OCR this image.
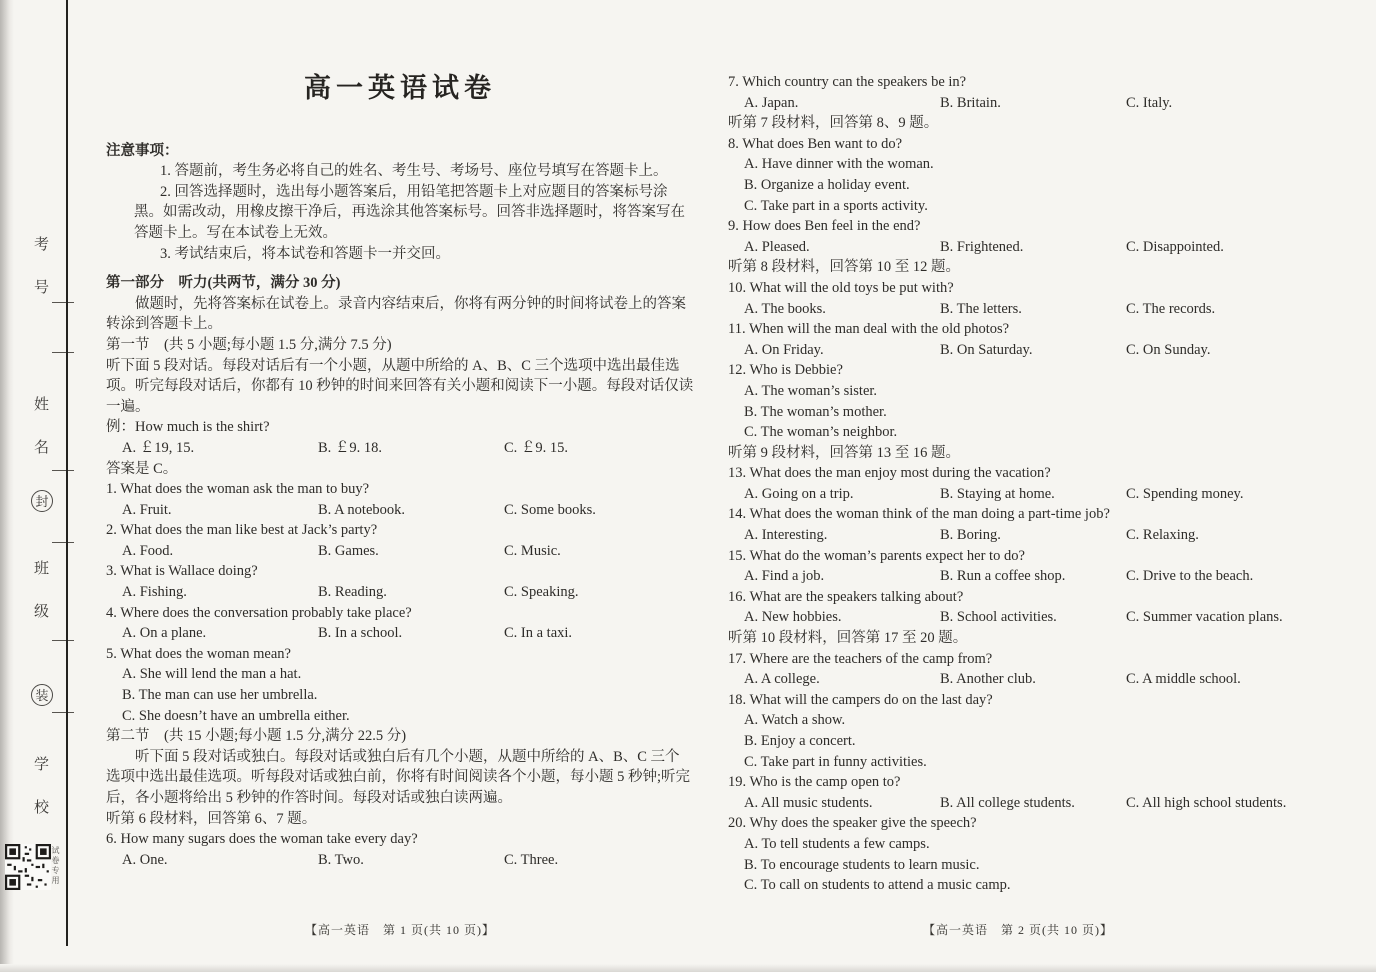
考 号
姓 名
班 级
学 校
封
装
试卷专用
高一英语试卷
注意事项：
1. 答题前，考生务必将自己的姓名、考生号、考场号、座位号填写在答题卡上。
2. 回答选择题时，选出每小题答案后，用铅笔把答题卡上对应题目的答案标号涂黑。如需改动，用橡皮擦干净后，再选涂其他答案标号。回答非选择题时，将答案写在答题卡上。写在本试卷上无效。
3. 考试结束后，将本试卷和答题卡一并交回。
第一部分　听力(共两节，满分 30 分)
做题时，先将答案标在试卷上。录音内容结束后，你将有两分钟的时间将试卷上的答案转涂到答题卡上。
第一节　(共 5 小题;每小题 1.5 分,满分 7.5 分)
听下面 5 段对话。每段对话后有一个小题，从题中所给的 A、B、C 三个选项中选出最佳选项。听完每段对话后，你都有 10 秒钟的时间来回答有关小题和阅读下一小题。每段对话仅读一遍。
例：How much is the shirt?
A. ￡19, 15.	B. ￡9. 18.	C. ￡9. 15.
答案是 C。
1. What does the woman ask the man to buy?
A. Fruit.	B. A notebook.	C. Some books.
2. What does the man like best at Jack’s party?
A. Food.	B. Games.	C. Music.
3. What is Wallace doing?
A. Fishing.	B. Reading.	C. Speaking.
4. Where does the conversation probably take place?
A. On a plane.	B. In a school.	C. In a taxi.
5. What does the woman mean?
A. She will lend the man a hat.
B. The man can use her umbrella.
C. She doesn’t have an umbrella either.
第二节　(共 15 小题;每小题 1.5 分,满分 22.5 分)
听下面 5 段对话或独白。每段对话或独白后有几个小题，从题中所给的 A、B、C 三个选项中选出最佳选项。听每段对话或独白前，你将有时间阅读各个小题，每小题 5 秒钟;听完后，各小题将给出 5 秒钟的作答时间。每段对话或独白读两遍。
听第 6 段材料，回答第 6、7 题。
6. How many sugars does the woman take every day?
A. One.	B. Two.	C. Three.
7. Which country can the speakers be in?
A. Japan.	B. Britain.	C. Italy.
听第 7 段材料，回答第 8、9 题。
8. What does Ben want to do?
A. Have dinner with the woman.
B. Organize a holiday event.
C. Take part in a sports activity.
9. How does Ben feel in the end?
A. Pleased.	B. Frightened.	C. Disappointed.
听第 8 段材料，回答第 10 至 12 题。
10. What will the old toys be put with?
A. The books.	B. The letters.	C. The records.
11. When will the man deal with the old photos?
A. On Friday.	B. On Saturday.	C. On Sunday.
12. Who is Debbie?
A. The woman’s sister.
B. The woman’s mother.
C. The woman’s neighbor.
听第 9 段材料，回答第 13 至 16 题。
13. What does the man enjoy most during the vacation?
A. Going on a trip.	B. Staying at home.	C. Spending money.
14. What does the woman think of the man doing a part-time job?
A. Interesting.	B. Boring.	C. Relaxing.
15. What do the woman’s parents expect her to do?
A. Find a job.	B. Run a coffee shop.	C. Drive to the beach.
16. What are the speakers talking about?
A. New hobbies.	B. School activities.	C. Summer vacation plans.
听第 10 段材料，回答第 17 至 20 题。
17. Where are the teachers of the camp from?
A. A college.	B. Another club.	C. A middle school.
18. What will the campers do on the last day?
A. Watch a show.
B. Enjoy a concert.
C. Take part in funny activities.
19. Who is the camp open to?
A. All music students.	B. All college students.	C. All high school students.
20. Why does the speaker give the speech?
A. To tell students a few camps.
B. To encourage students to learn music.
C. To call on students to attend a music camp.
【高一英语　第 1 页(共 10 页)】	【高一英语　第 2 页(共 10 页)】
